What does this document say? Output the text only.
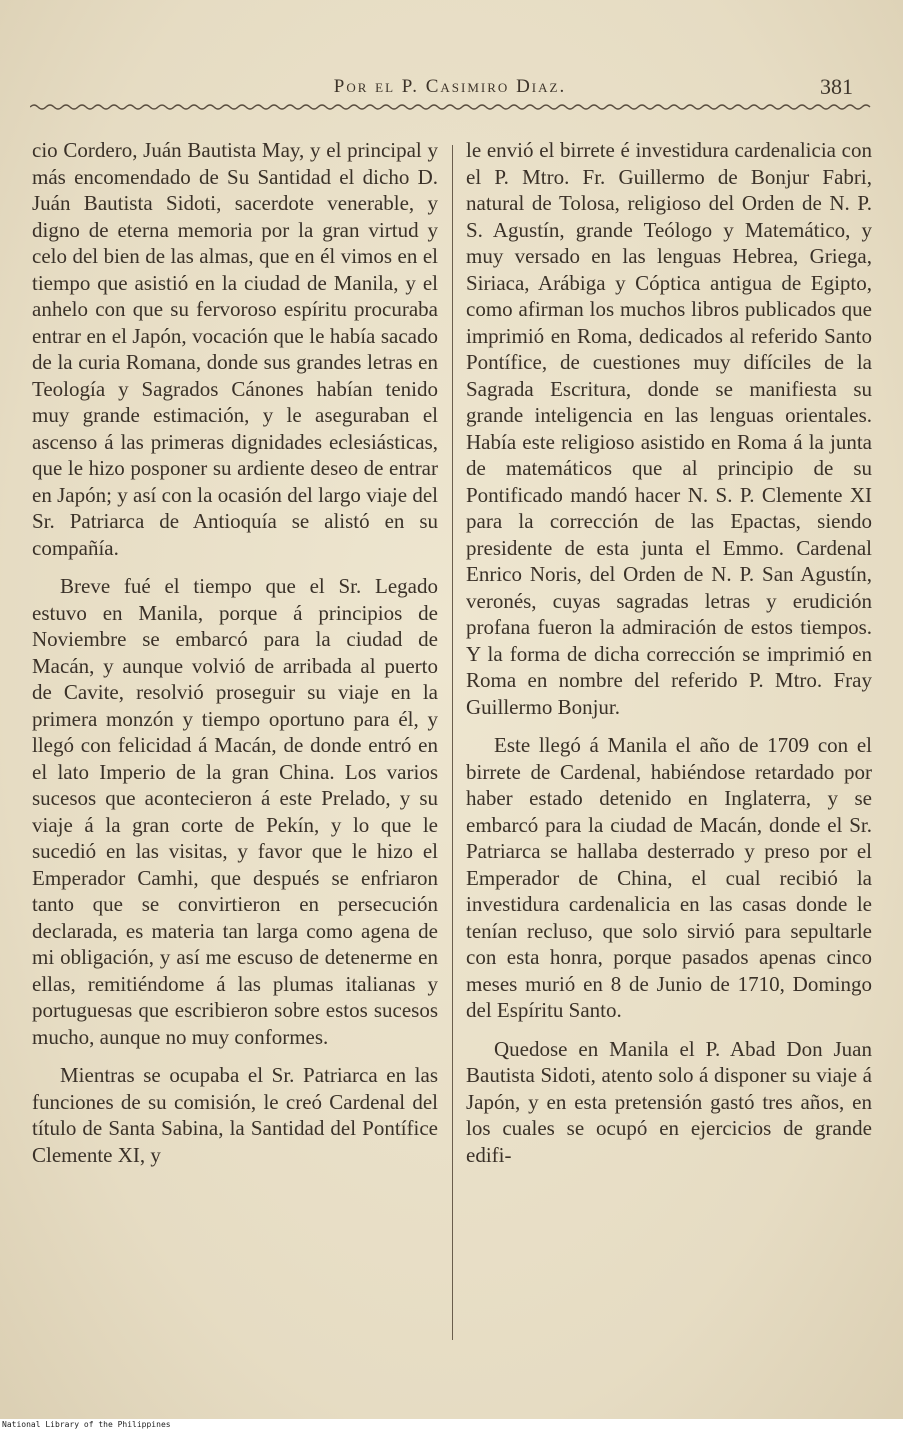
Por el P. Casimiro Diaz.	381

cio Cordero, Juán Bautista May, y el principal y más encomendado de Su Santidad el dicho D. Juán Bautista Sidoti, sacerdote venerable, y digno de eterna memoria por la gran virtud y celo del bien de las almas, que en él vimos en el tiempo que asistió en la ciudad de Manila, y el anhelo con que su fervoroso espíritu procuraba entrar en el Japón, vocación que le había sacado de la curia Romana, donde sus grandes letras en Teología y Sagrados Cánones habían tenido muy grande estimación, y le aseguraban el ascenso á las primeras dignidades eclesiásticas, que le hizo posponer su ardiente deseo de entrar en Japón; y así con la ocasión del largo viaje del Sr. Patriarca de Antioquía se alistó en su compañía.

Breve fué el tiempo que el Sr. Legado estuvo en Manila, porque á principios de Noviembre se embarcó para la ciudad de Macán, y aunque volvió de arribada al puerto de Cavite, resolvió proseguir su viaje en la primera monzón y tiempo oportuno para él, y llegó con felicidad á Macán, de donde entró en el lato Imperio de la gran China. Los varios sucesos que acontecieron á este Prelado, y su viaje á la gran corte de Pekín, y lo que le sucedió en las visitas, y favor que le hizo el Emperador Camhi, que después se enfriaron tanto que se convirtieron en persecución declarada, es materia tan larga como agena de mi obligación, y así me escuso de detenerme en ellas, remitiéndome á las plumas italianas y portuguesas que escribieron sobre estos sucesos mucho, aunque no muy conformes.

Mientras se ocupaba el Sr. Patriarca en las funciones de su comisión, le creó Cardenal del título de Santa Sabina, la Santidad del Pontífice Clemente XI, y

le envió el birrete é investidura cardenalicia con el P. Mtro. Fr. Guillermo de Bonjur Fabri, natural de Tolosa, religioso del Orden de N. P. S. Agustín, grande Teólogo y Matemático, y muy versado en las lenguas Hebrea, Griega, Siriaca, Arábiga y Cóptica antigua de Egipto, como afirman los muchos libros publicados que imprimió en Roma, dedicados al referido Santo Pontífice, de cuestiones muy difíciles de la Sagrada Escritura, donde se manifiesta su grande inteligencia en las lenguas orientales. Había este religioso asistido en Roma á la junta de matemáticos que al principio de su Pontificado mandó hacer N. S. P. Clemente XI para la corrección de las Epactas, siendo presidente de esta junta el Emmo. Cardenal Enrico Noris, del Orden de N. P. San Agustín, veronés, cuyas sagradas letras y erudición profana fueron la admiración de estos tiempos. Y la forma de dicha corrección se imprimió en Roma en nombre del referido P. Mtro. Fray Guillermo Bonjur.

Este llegó á Manila el año de 1709 con el birrete de Cardenal, habiéndose retardado por haber estado detenido en Inglaterra, y se embarcó para la ciudad de Macán, donde el Sr. Patriarca se hallaba desterrado y preso por el Emperador de China, el cual recibió la investidura cardenalicia en las casas donde le tenían recluso, que solo sirvió para sepultarle con esta honra, porque pasados apenas cinco meses murió en 8 de Junio de 1710, Domingo del Espíritu Santo.

Quedose en Manila el P. Abad Don Juan Bautista Sidoti, atento solo á disponer su viaje á Japón, y en esta pretensión gastó tres años, en los cuales se ocupó en ejercicios de grande edifi-

National Library of the Philippines
